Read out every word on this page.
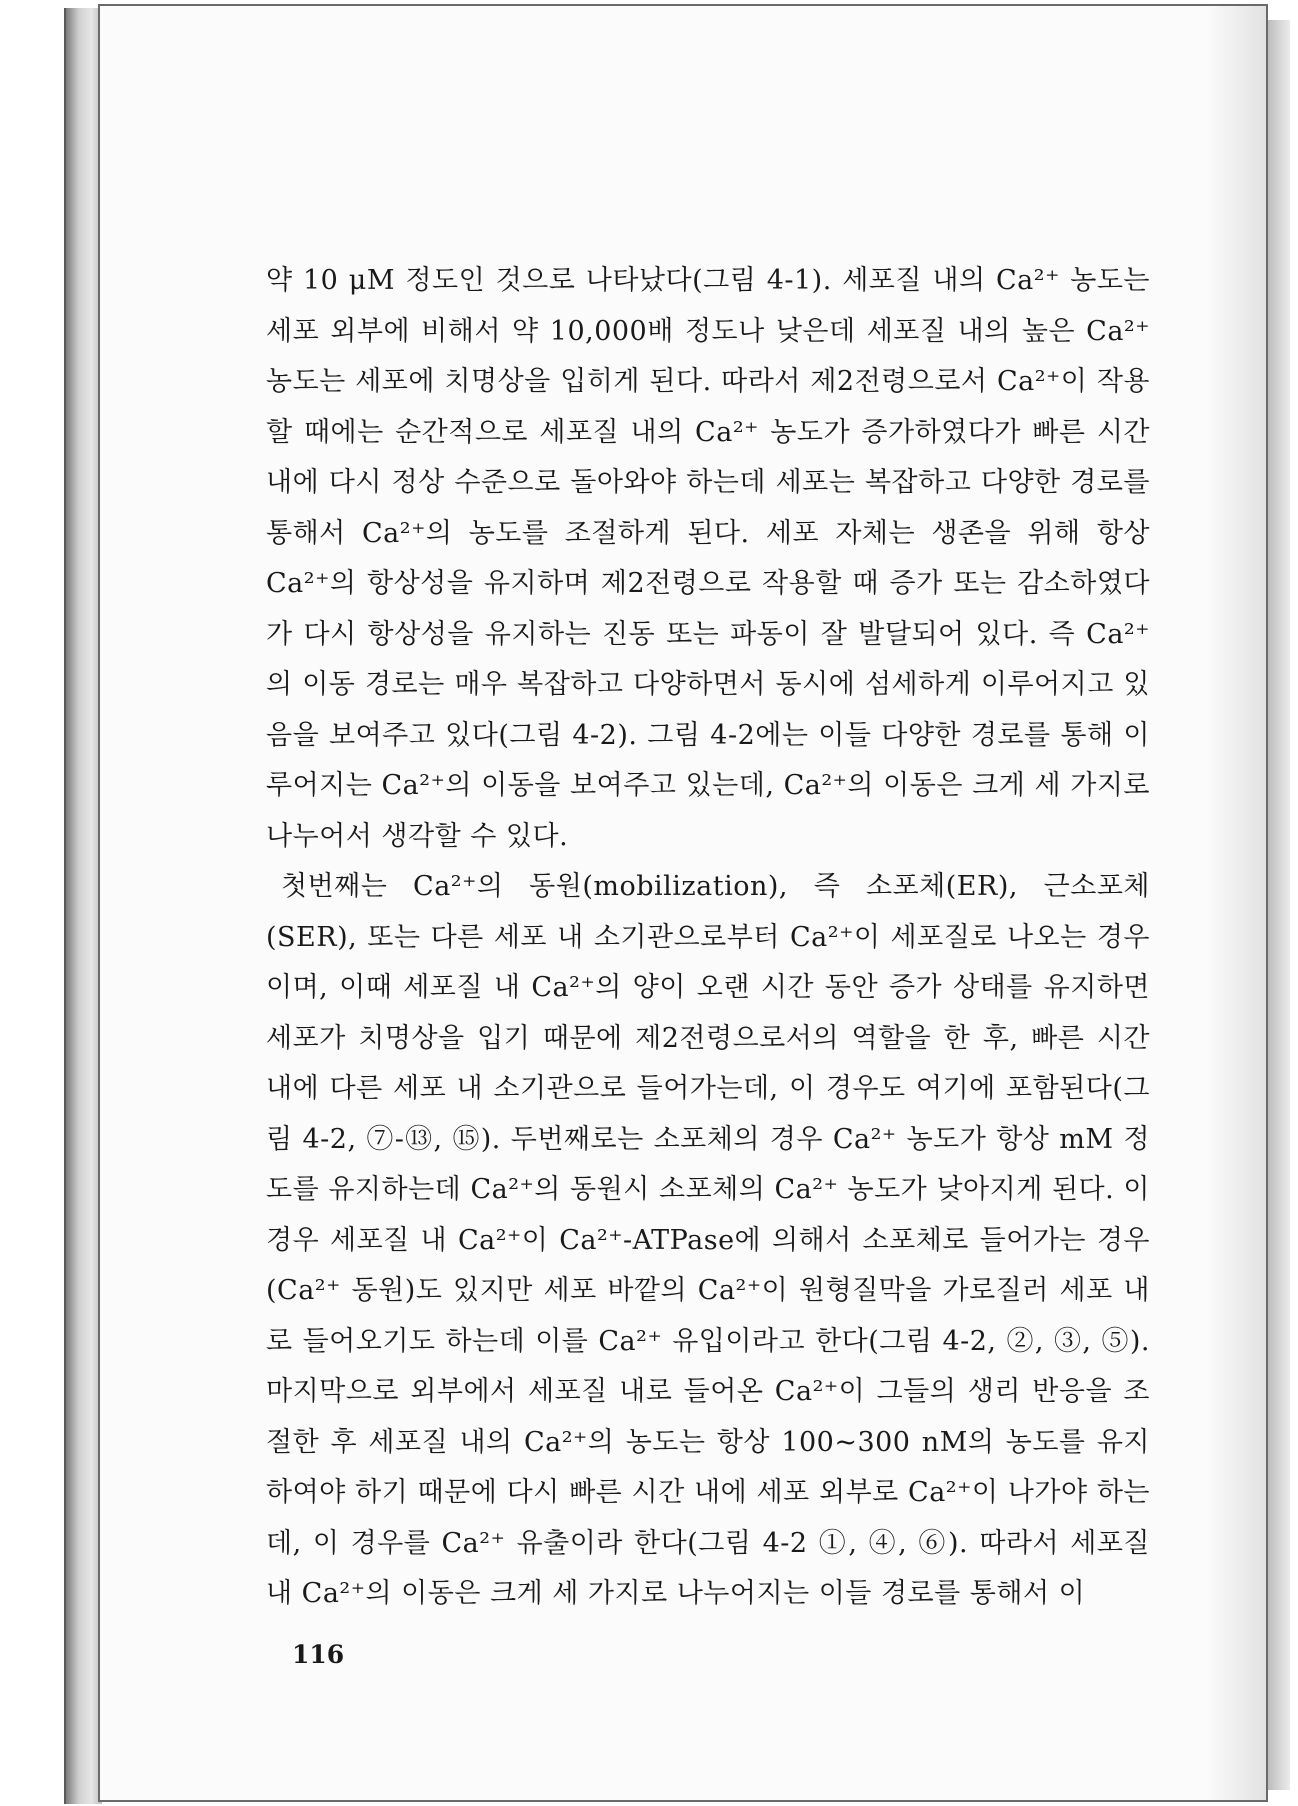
약 10 μM 정도인 것으로 나타났다(그림 4-1). 세포질 내의 Ca²⁺ 농도는 세포 외부에 비해서 약 10,000배 정도나 낮은데 세포질 내의 높은 Ca²⁺ 농도는 세포에 치명상을 입히게 된다. 따라서 제2전령으로서 Ca²⁺이 작용할 때에는 순간적으로 세포질 내의 Ca²⁺ 농도가 증가하였다가 빠른 시간 내에 다시 정상 수준으로 돌아와야 하는데 세포는 복잡하고 다양한 경로를 통해서 Ca²⁺의 농도를 조절하게 된다. 세포 자체는 생존을 위해 항상 Ca²⁺의 항상성을 유지하며 제2전령으로 작용할 때 증가 또는 감소하였다가 다시 항상성을 유지하는 진동 또는 파동이 잘 발달되어 있다. 즉 Ca²⁺의 이동 경로는 매우 복잡하고 다양하면서 동시에 섬세하게 이루어지고 있음을 보여주고 있다(그림 4-2). 그림 4-2에는 이들 다양한 경로를 통해 이루어지는 Ca²⁺의 이동을 보여주고 있는데, Ca²⁺의 이동은 크게 세 가지로 나누어서 생각할 수 있다.

첫번째는 Ca²⁺의 동원(mobilization), 즉 소포체(ER), 근소포체(SER), 또는 다른 세포 내 소기관으로부터 Ca²⁺이 세포질로 나오는 경우이며, 이때 세포질 내 Ca²⁺의 양이 오랜 시간 동안 증가 상태를 유지하면 세포가 치명상을 입기 때문에 제2전령으로서의 역할을 한 후, 빠른 시간 내에 다른 세포 내 소기관으로 들어가는데, 이 경우도 여기에 포함된다(그림 4-2, ⑦-⑬, ⑮). 두번째로는 소포체의 경우 Ca²⁺ 농도가 항상 mM 정도를 유지하는데 Ca²⁺의 동원시 소포체의 Ca²⁺ 농도가 낮아지게 된다. 이 경우 세포질 내 Ca²⁺이 Ca²⁺-ATPase에 의해서 소포체로 들어가는 경우(Ca²⁺ 동원)도 있지만 세포 바깥의 Ca²⁺이 원형질막을 가로질러 세포 내로 들어오기도 하는데 이를 Ca²⁺ 유입이라고 한다(그림 4-2, ②, ③, ⑤). 마지막으로 외부에서 세포질 내로 들어온 Ca²⁺이 그들의 생리 반응을 조절한 후 세포질 내의 Ca²⁺의 농도는 항상 100~300 nM의 농도를 유지하여야 하기 때문에 다시 빠른 시간 내에 세포 외부로 Ca²⁺이 나가야 하는데, 이 경우를 Ca²⁺ 유출이라 한다(그림 4-2 ①, ④, ⑥). 따라서 세포질 내 Ca²⁺의 이동은 크게 세 가지로 나누어지는 이들 경로를 통해서 이

116
